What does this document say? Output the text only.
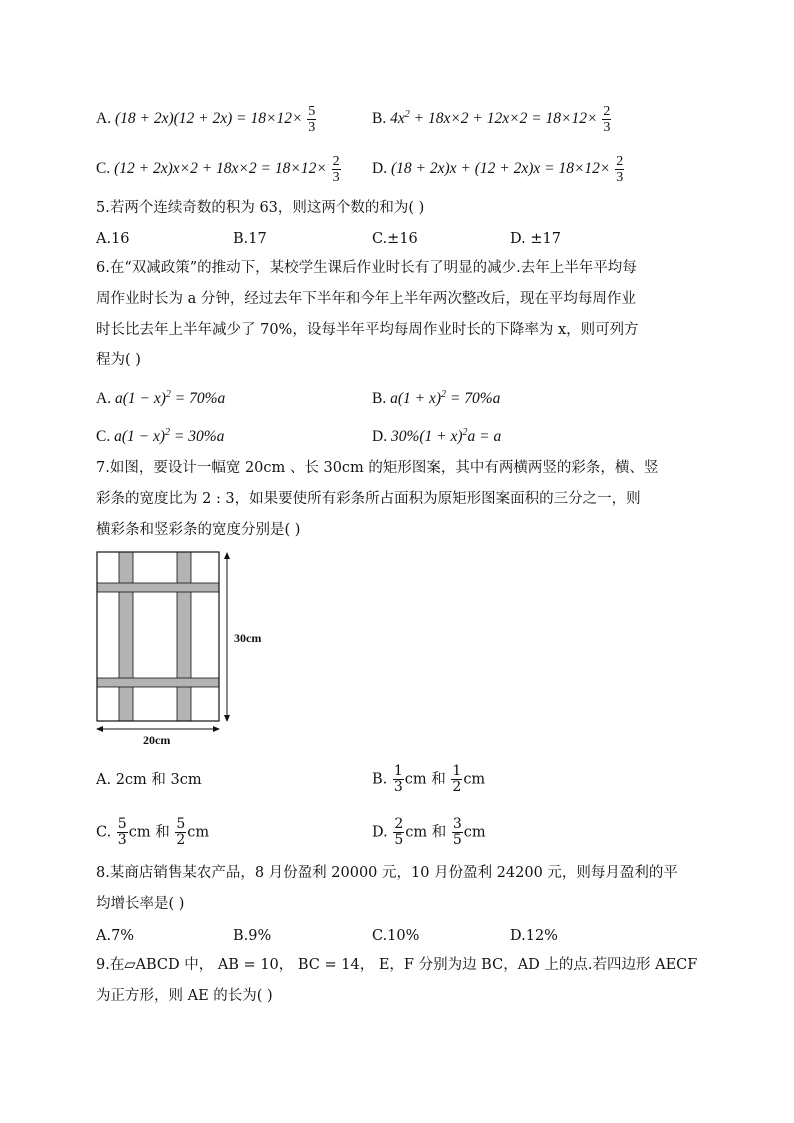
A. $(18 + 2x)(12 + 2x) = 18\times 12\times \frac{5}{3}$	B. $4x^2 + 18x\times 2 + 12x\times 2 = 18\times 12\times \frac{2}{3}$
C. $(12 + 2x)x\times 2 + 18x\times 2 = 18\times 12\times \frac{2}{3} D$. $(18 + 2x)x + (12 + 2x)x = 18\times 12\times \frac{2}{3}$
5.若两个连续奇数的积为 63，则这两个数的和为( )
A.16	B.17	C.±16	D. ±17
6.在“双减政策”的推动下，某校学生课后作业时长有了明显的减少.去年上半年平均每
周作业时长为 a 分钟，经过去年下半年和今年上半年两次整改后，现在平均每周作业
时长比去年上半年减少了 70%，设每半年平均每周作业时长的下降率为 x，则可列方
程为( )
A. $a(1 - x)^2 = 70\%a$	B. $a(1 + x)^2 = 70\%a$
C. $a(1 - x)^2 = 30\%a$	D. $30\%(1 + x)^2a = a$
7.如图，要设计一幅宽 20cm 、长 30cm 的矩形图案，其中有两横两竖的彩条，横、竖
彩条的宽度比为 2 : 3，如果要使所有彩条所占面积为原矩形图案面积的三分之一，则
横彩条和竖彩条的宽度分别是( )
30cm
20cm
A. 2cm 和 3cm	B. $\frac{1}{3}$ cm 和 $\frac{1}{2}$ cm
C. $\frac{5}{3}$ cm 和 $\frac{5}{2}$ cm	D. $\frac{2}{5}$ cm 和 $\frac{3}{5}$ cm
8.某商店销售某农产品，8 月份盈利 20000 元，10 月份盈利 24200 元，则每月盈利的平
均增长率是( )
A.7%	B.9%	C.10%	D.12%
9.在▱ABCD 中， AB = 10， BC = 14， E，F 分别为边 BC，AD 上的点.若四边形 AECF
为正方形，则 AE 的长为( )
